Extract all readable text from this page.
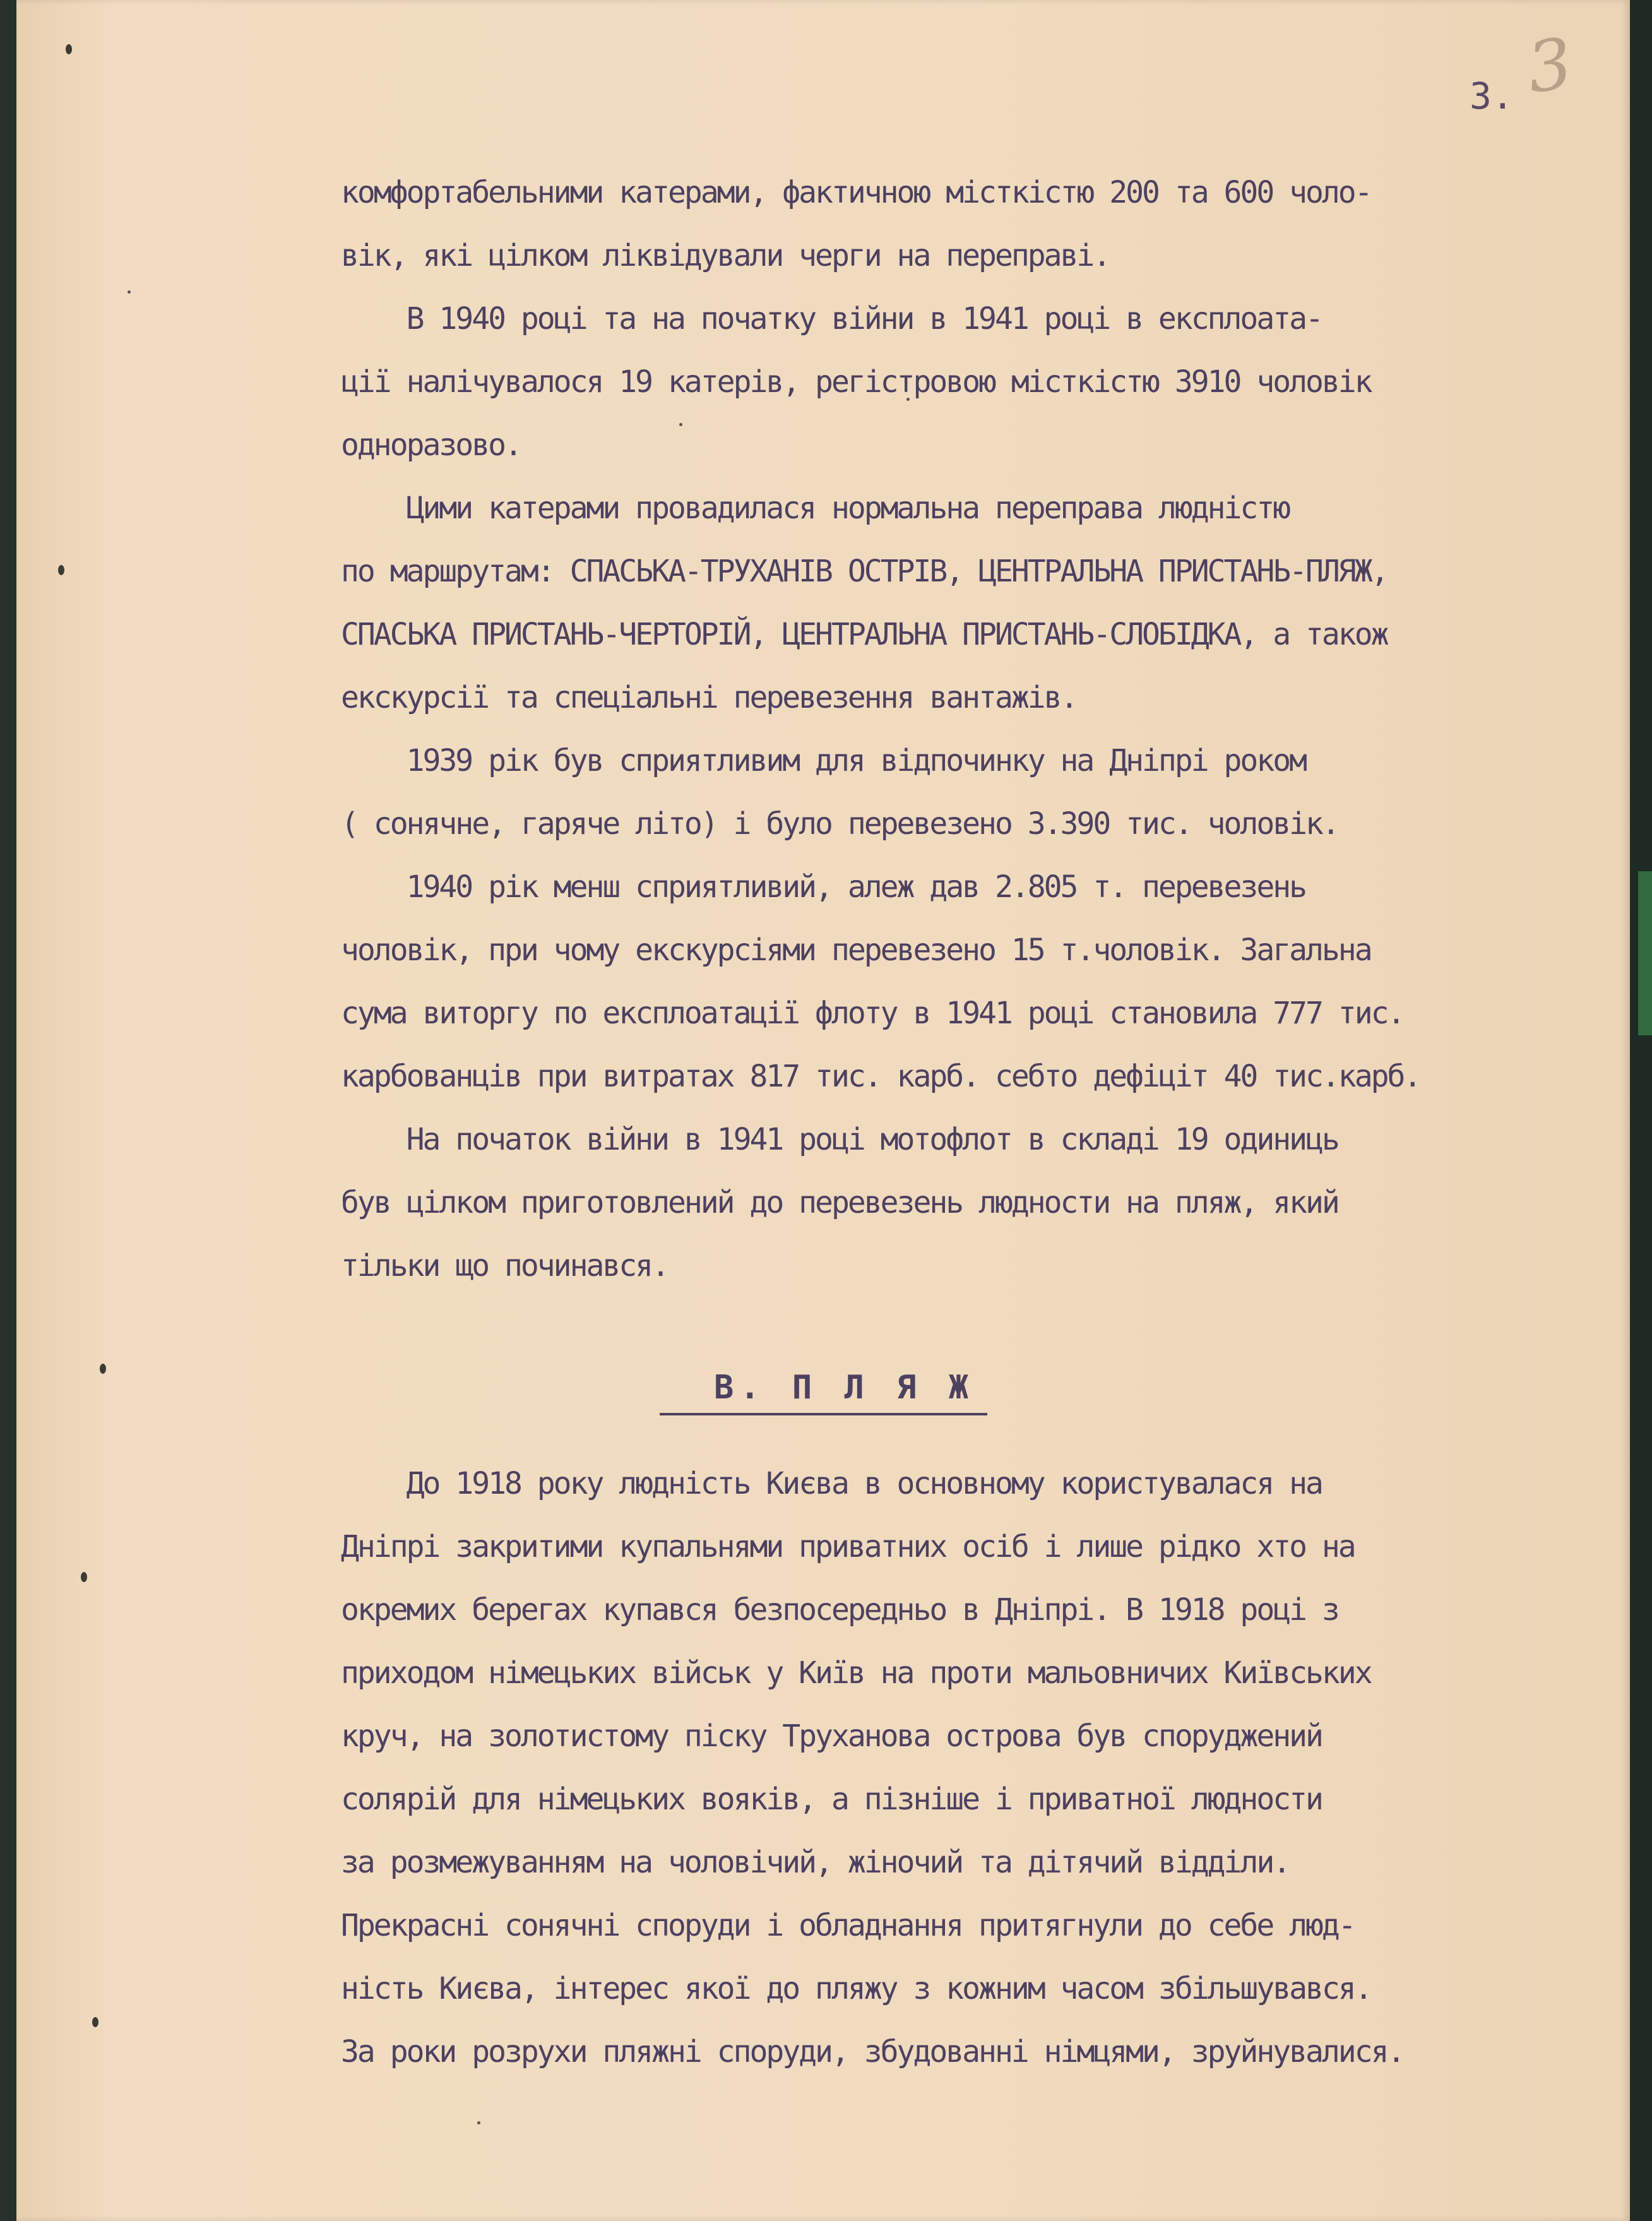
3. 3
комфортабельними катерами, фактичною місткістю 200 та 600 чоло-
вік, які цілком ліквідували черги на переправі.
В 1940 році та на початку війни в 1941 році в експлоата-
ції налічувалося 19 катерів, регістровою місткістю 3910 чоловік
одноразово.
Цими катерами провадилася нормальна переправа людністю
по маршрутам: СПАСЬКА-ТРУХАНІВ ОСТРІВ, ЦЕНТРАЛЬНА ПРИСТАНЬ-ПЛЯЖ,
СПАСЬКА ПРИСТАНЬ-ЧЕРТОРІЙ, ЦЕНТРАЛЬНА ПРИСТАНЬ-СЛОБІДКА, а також
екскурсії та спеціальні перевезення вантажів.
1939 рік був сприятливим для відпочинку на Дніпрі роком
( сонячне, гаряче літо) і було перевезено 3.390 тис. чоловік.
1940 рік менш сприятливий, алеж дав 2.805 т. перевезень
чоловік, при чому екскурсіями перевезено 15 т.чоловік. Загальна
сума виторгу по експлоатації флоту в 1941 році становила 777 тис.
карбованців при витратах 817 тис. карб. себто дефіціт 40 тис.карб.
На початок війни в 1941 році мотофлот в складі 19 одиниць
був цілком приготовлений до перевезень людности на пляж, який
тільки що починався.
В. П Л Я Ж
До 1918 року людність Києва в основному користувалася на
Дніпрі закритими купальнями приватних осіб і лише рідко хто на
окремих берегах купався безпосередньо в Дніпрі. В 1918 році з
приходом німецьких військ у Київ на проти мальовничих Київських
круч, на золотистому піску Труханова острова був споруджений
солярій для німецьких вояків, а пізніше і приватної людности
за розмежуванням на чоловічий, жіночий та дітячий відділи.
Прекрасні сонячні споруди і обладнання притягнули до себе люд-
ність Києва, інтерес якої до пляжу з кожним часом збільшувався.
За роки розрухи пляжні споруди, збудованні німцями, зруйнувалися.
